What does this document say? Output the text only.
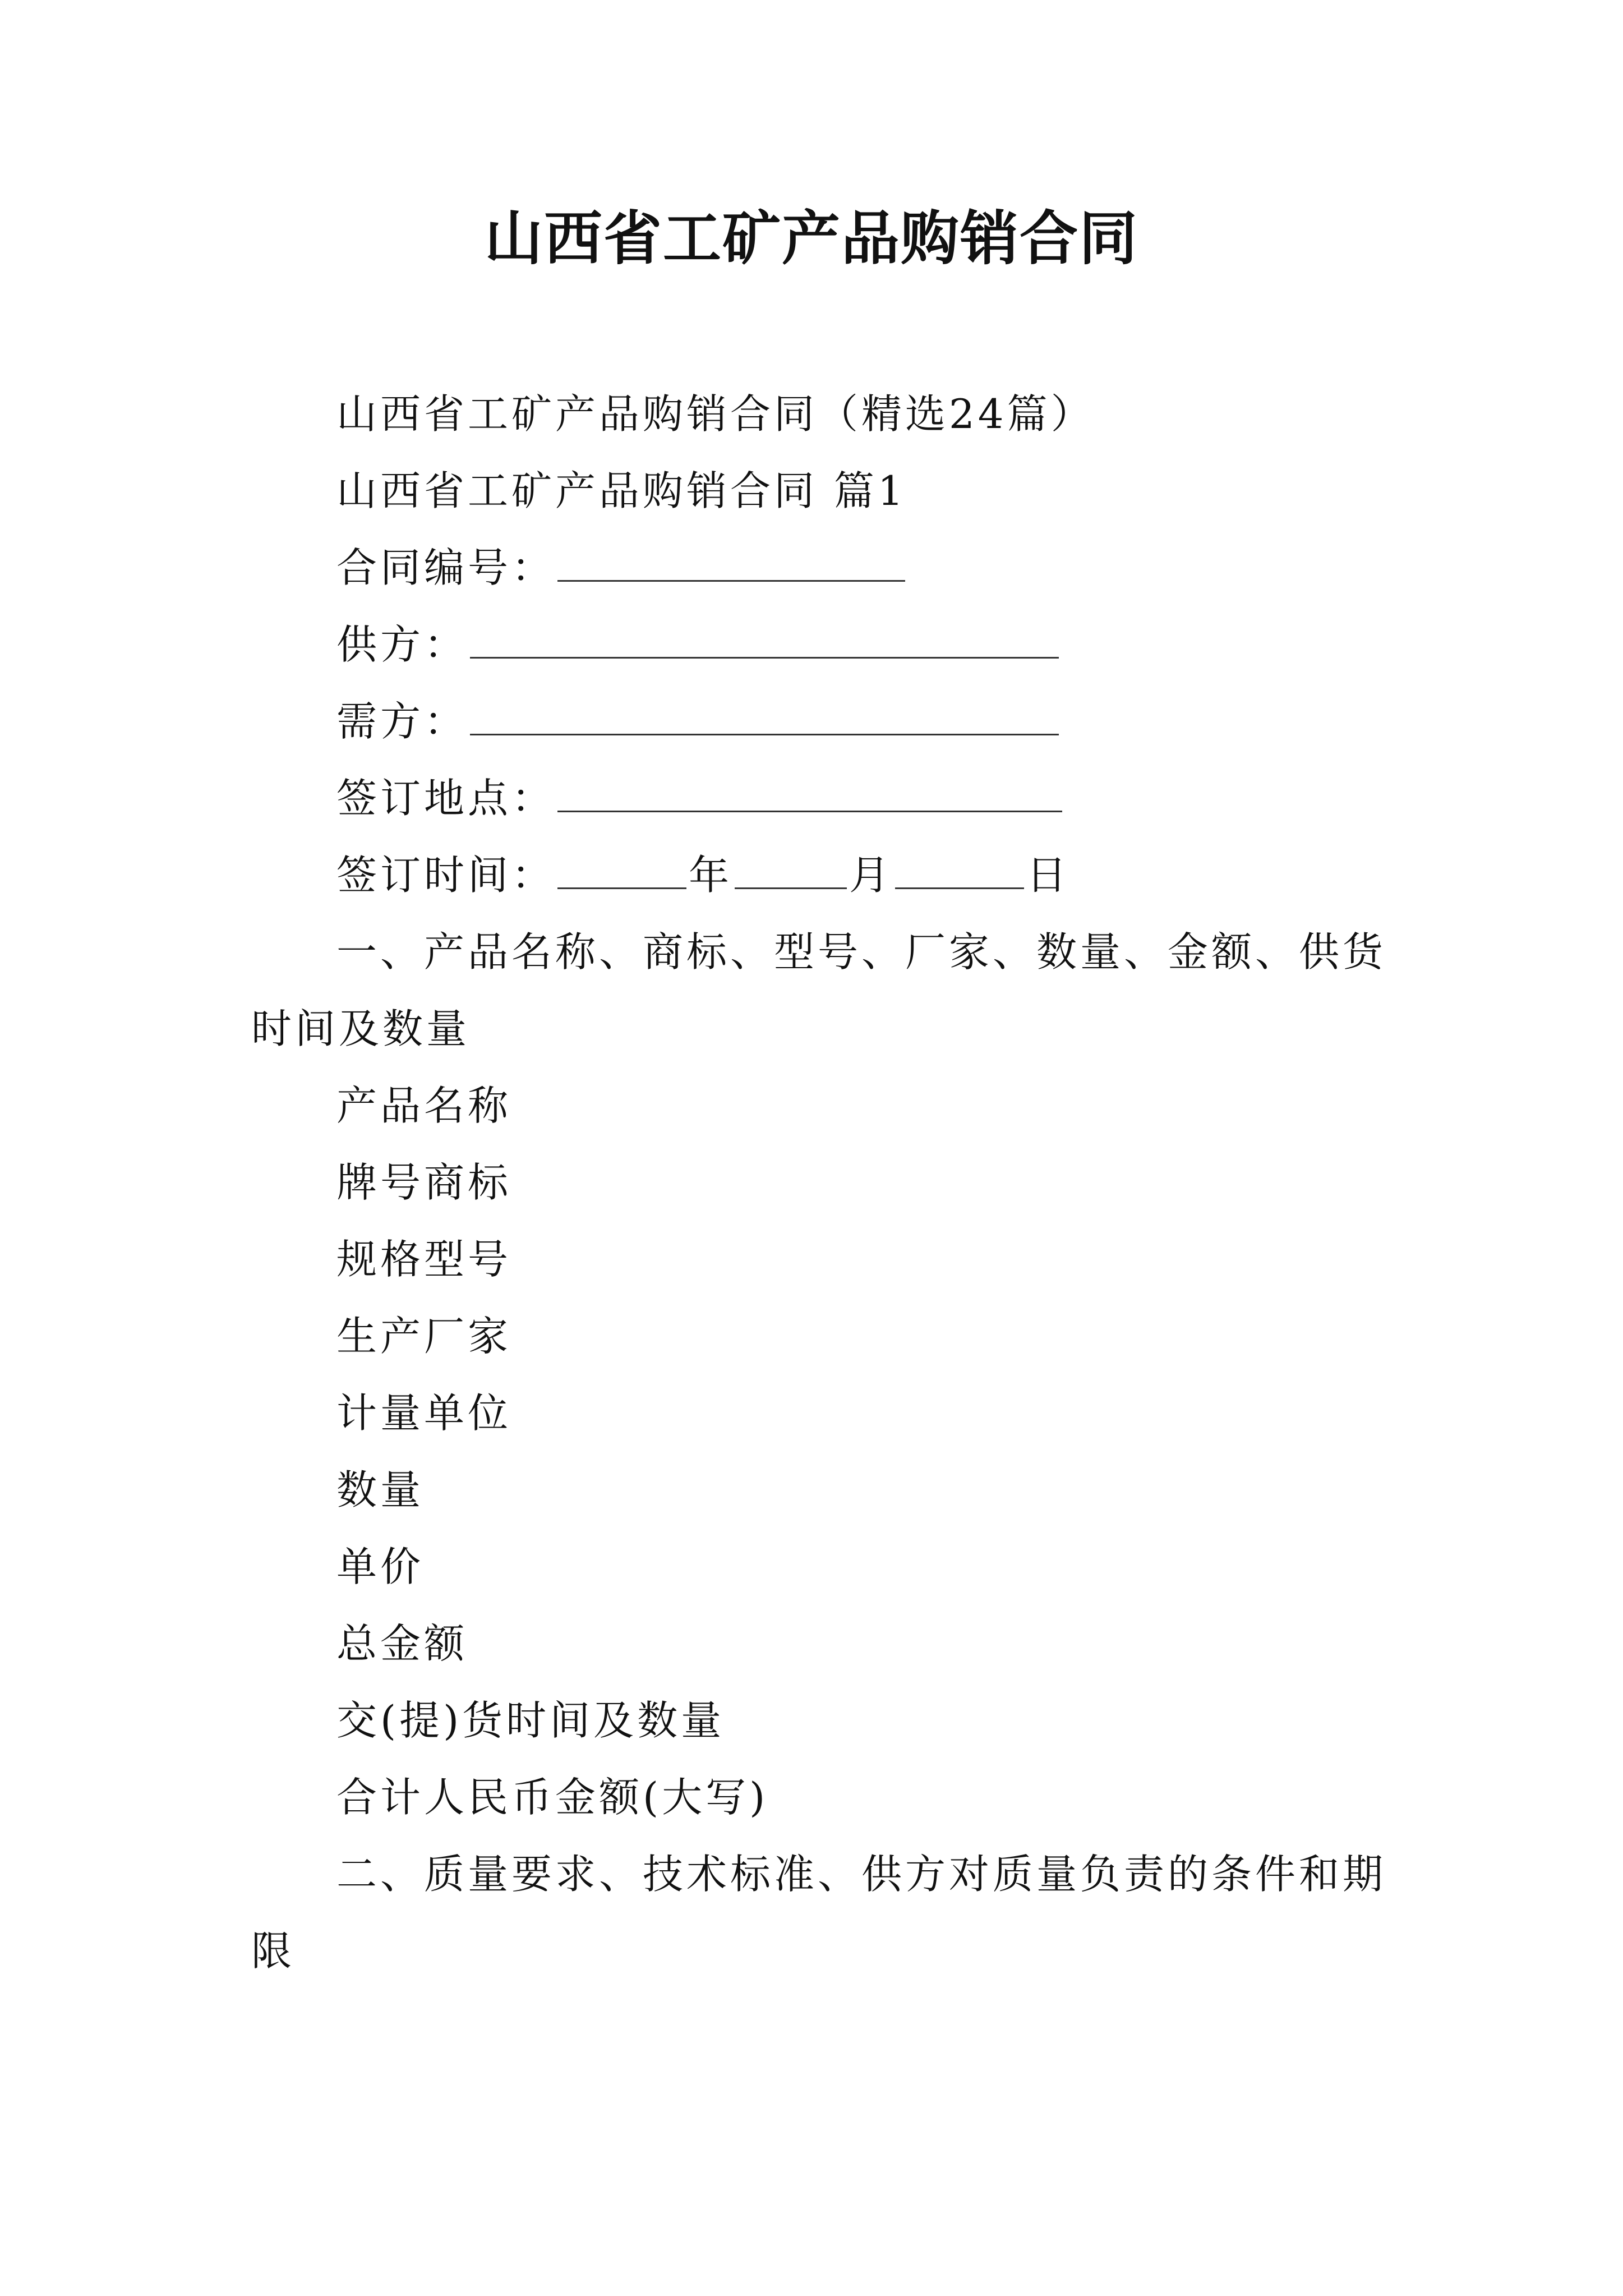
山西省工矿产品购销合同
山西省工矿产品购销合同（精选24篇）
山西省工矿产品购销合同 篇1
合同编号：
供方：
需方：
签订地点：
签订时间：	年	月	日
一、产品名称、商标、型号、厂家、数量、金额、供货
时间及数量
产品名称
牌号商标
规格型号
生产厂家
计量单位
数量
单价
总金额
交(提)货时间及数量
合计人民币金额(大写)
二、质量要求、技术标准、供方对质量负责的条件和期
限
